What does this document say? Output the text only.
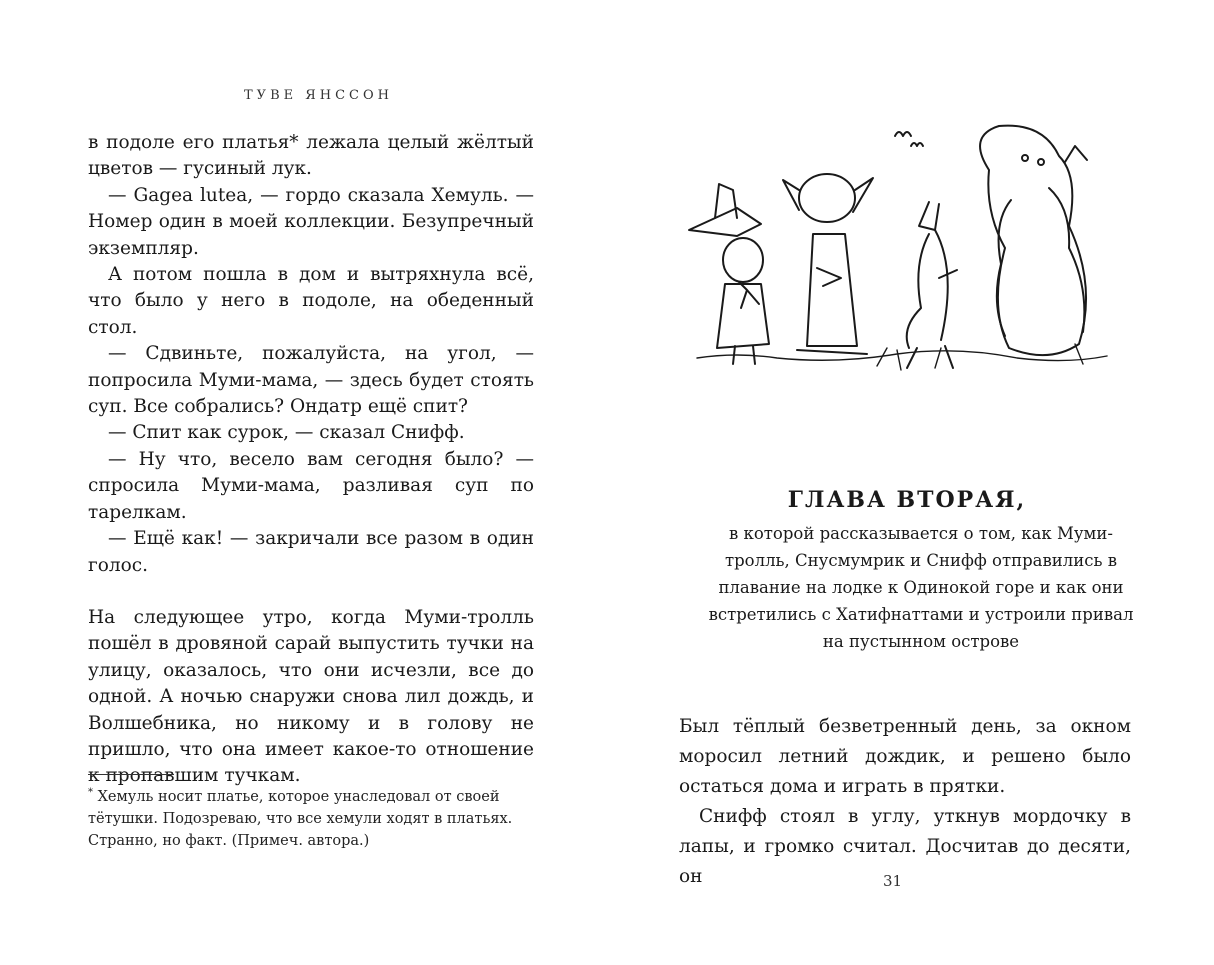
ТУВЕ ЯНССОН

в подоле его платья* лежала целый жёлтый цветов — гусиный лук.

— Gagea lutea, — гордо сказала Хемуль. — Номер один в моей коллекции. Безупречный экземпляр.

А потом пошла в дом и вытряхнула всё, что было у него в подоле, на обеденный стол.

— Сдвиньте, пожалуйста, на угол, — попросила Муми-мама, — здесь будет стоять суп. Все собрались? Ондатр ещё спит?

— Спит как сурок, — сказал Снифф.

— Ну что, весело вам сегодня было? — спросила Муми-мама, разливая суп по тарелкам.

— Ещё как! — закричали все разом в один голос.

На следующее утро, когда Муми-тролль пошёл в дровяной сарай выпустить тучки на улицу, оказалось, что они исчезли, все до одной. А ночью снаружи снова лил дождь, и Волшебника, но никому и в голову не пришло, что она имеет какое-то отношение к пропавшим тучкам.

* Хемуль носит платье, которое унаследовал от своей тётушки. Подозреваю, что все хемули ходят в платьях. Странно, но факт. (Примеч. автора.)
ГЛАВА ВТОРАЯ,
в которой рассказывается о том, как Муми-тролль, Снусмумрик и Снифф отправились в плавание на лодке к Одинокой горе и как они встретились с Хатифнаттами и устроили привал на пустынном острове

Был тёплый безветренный день, за окном моросил летний дождик, и решено было остаться дома и играть в прятки.

Снифф стоял в углу, уткнув мордочку в лапы, и громко считал. Досчитав до десяти, он	31
